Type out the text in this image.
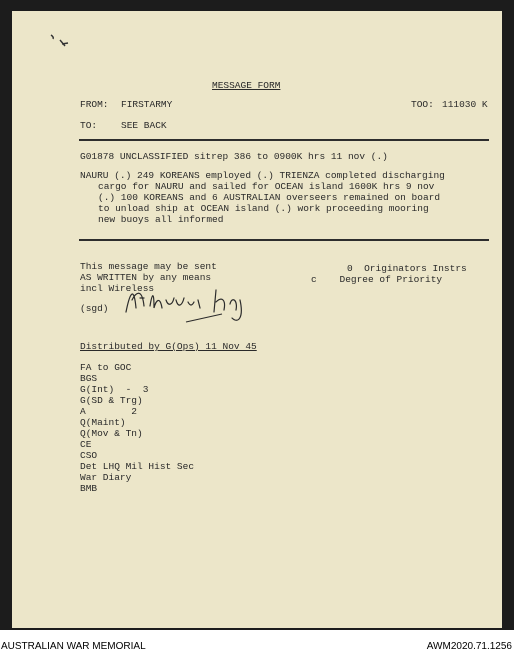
MESSAGE FORM
FROM: FIRSTARMY	TOO: 111030 K
TO:	SEE BACK
G01878 UNCLASSIFIED sitrep 386 to 0900K hrs 11 nov (.)
NAURU (.) 249 KOREANS employed (.) TRIENZA completed discharging
cargo for NAURU and sailed for OCEAN island 1600K hrs 9 nov
(.) 100 KOREANS and 6 AUSTRALIAN overseers remained on board
to unload ship at OCEAN island (.) work proceeding mooring
new buoys all informed
This message may be sent
AS WRITTEN by any means
incl Wireless
0  Originators Instrs
c    Degree of Priority
(sgd)
Distributed by G(Ops) 11 Nov 45
FA to GOC
BGS
G(Int)  -  3
G(SD & Trg)
A        2
Q(Maint)
Q(Mov & Tn)
CE
CSO
Det LHQ Mil Hist Sec
War Diary
BMB
AUSTRALIAN WAR MEMORIAL	AWM2020.71.1256
